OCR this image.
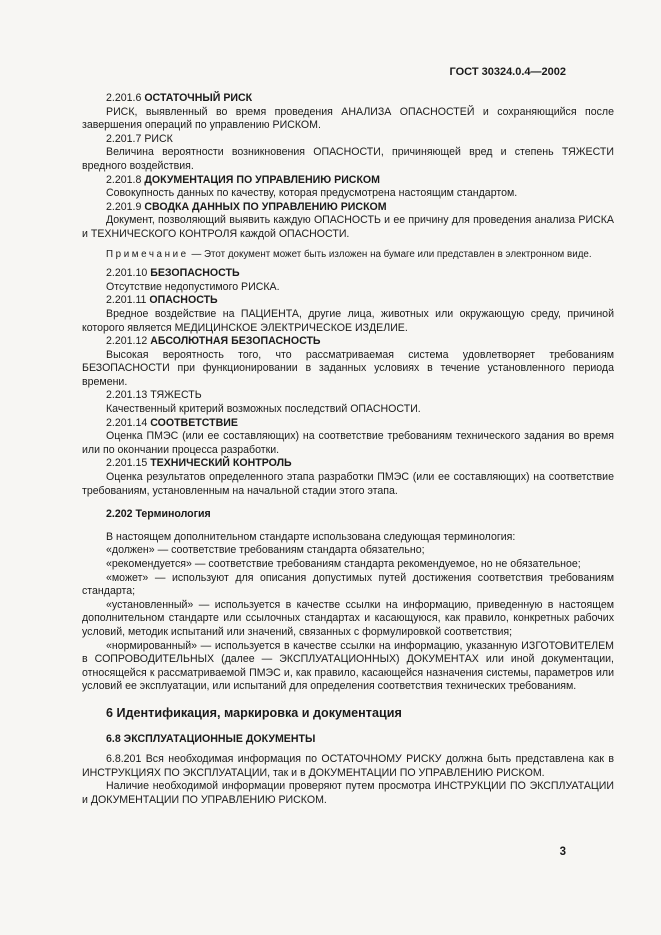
ГОСТ 30324.0.4—2002

2.201.6 ОСТАТОЧНЫЙ РИСК

РИСК, выявленный во время проведения АНАЛИЗА ОПАСНОСТЕЙ и сохраняющийся после завершения операций по управлению РИСКОМ.

2.201.7 РИСК

Величина вероятности возникновения ОПАСНОСТИ, причиняющей вред и степень ТЯЖЕСТИ вредного воздействия.

2.201.8 ДОКУМЕНТАЦИЯ ПО УПРАВЛЕНИЮ РИСКОМ

Совокупность данных по качеству, которая предусмотрена настоящим стандартом.

2.201.9 СВОДКА ДАННЫХ ПО УПРАВЛЕНИЮ РИСКОМ

Документ, позволяющий выявить каждую ОПАСНОСТЬ и ее причину для проведения анализа РИСКА и ТЕХНИЧЕСКОГО КОНТРОЛЯ каждой ОПАСНОСТИ.

Примечание — Этот документ может быть изложен на бумаге или представлен в электронном виде.

2.201.10 БЕЗОПАСНОСТЬ

Отсутствие недопустимого РИСКА.

2.201.11 ОПАСНОСТЬ

Вредное воздействие на ПАЦИЕНТА, другие лица, животных или окружающую среду, причиной которого является МЕДИЦИНСКОЕ ЭЛЕКТРИЧЕСКОЕ ИЗДЕЛИЕ.

2.201.12 АБСОЛЮТНАЯ БЕЗОПАСНОСТЬ

Высокая вероятность того, что рассматриваемая система удовлетворяет требованиям БЕЗОПАСНОСТИ при функционировании в заданных условиях в течение установленного периода времени.

2.201.13 ТЯЖЕСТЬ

Качественный критерий возможных последствий ОПАСНОСТИ.

2.201.14 СООТВЕТСТВИЕ

Оценка ПМЭС (или ее составляющих) на соответствие требованиям технического задания во время или по окончании процесса разработки.

2.201.15 ТЕХНИЧЕСКИЙ КОНТРОЛЬ

Оценка результатов определенного этапа разработки ПМЭС (или ее составляющих) на соответствие требованиям, установленным на начальной стадии этого этапа.

2.202 Терминология

В настоящем дополнительном стандарте использована следующая терминология:

«должен» — соответствие требованиям стандарта обязательно;

«рекомендуется» — соответствие требованиям стандарта рекомендуемое, но не обязательное;

«может» — используют для описания допустимых путей достижения соответствия требованиям стандарта;

«установленный» — используется в качестве ссылки на информацию, приведенную в настоящем дополнительном стандарте или ссылочных стандартах и касающуюся, как правило, конкретных рабочих условий, методик испытаний или значений, связанных с формулировкой соответствия;

«нормированный» — используется в качестве ссылки на информацию, указанную ИЗГОТОВИТЕЛЕМ в СОПРОВОДИТЕЛЬНЫХ (далее — ЭКСПЛУАТАЦИОННЫХ) ДОКУМЕНТАХ или иной документации, относящейся к рассматриваемой ПМЭС и, как правило, касающейся назначения системы, параметров или условий ее эксплуатации, или испытаний для определения соответствия технических требованиям.

6 Идентификация, маркировка и документация

6.8 ЭКСПЛУАТАЦИОННЫЕ ДОКУМЕНТЫ

6.8.201 Вся необходимая информация по ОСТАТОЧНОМУ РИСКУ должна быть представлена как в ИНСТРУКЦИЯХ ПО ЭКСПЛУАТАЦИИ, так и в ДОКУМЕНТАЦИИ ПО УПРАВЛЕНИЮ РИСКОМ.

Наличие необходимой информации проверяют путем просмотра ИНСТРУКЦИИ ПО ЭКСПЛУАТАЦИИ и ДОКУМЕНТАЦИИ ПО УПРАВЛЕНИЮ РИСКОМ.

3
